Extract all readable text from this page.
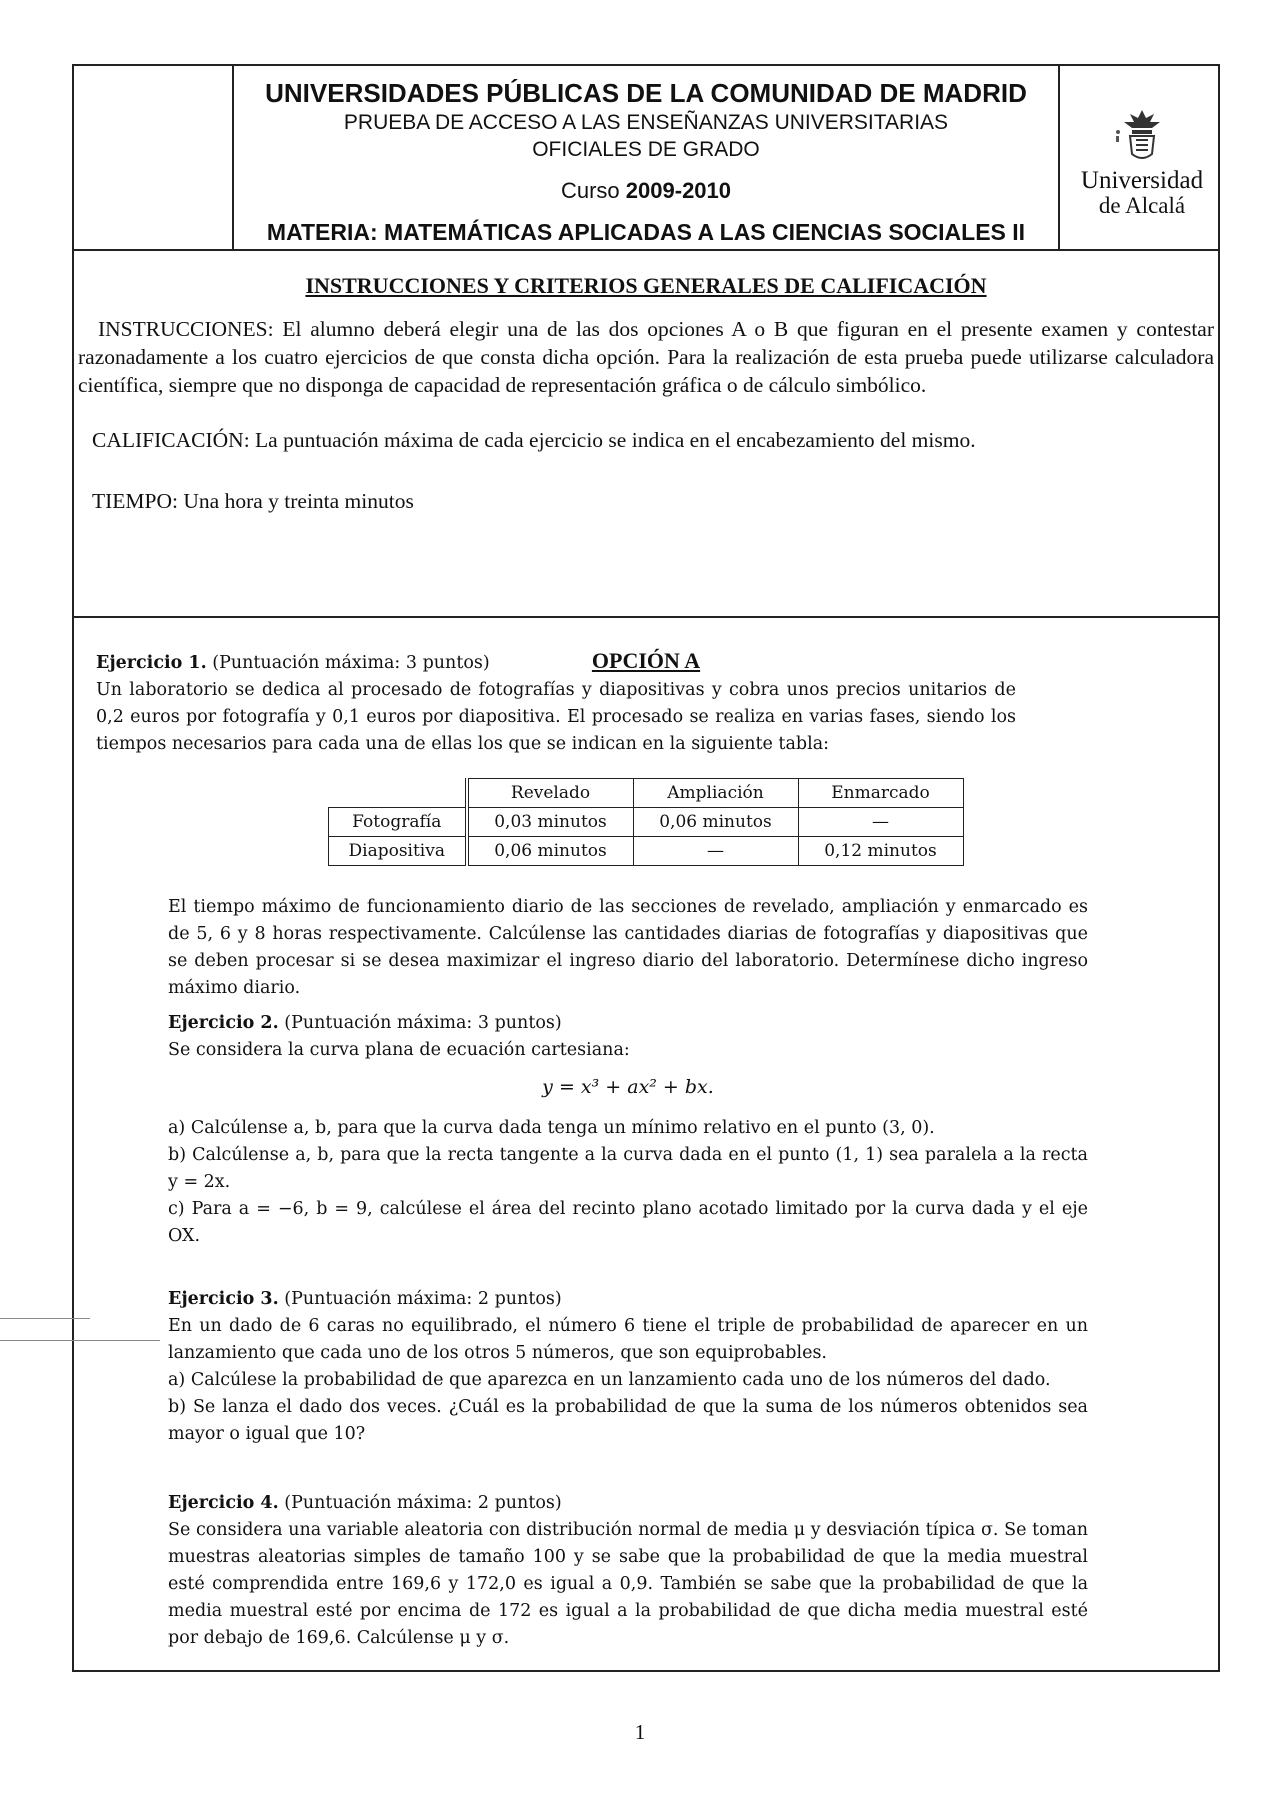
UNIVERSIDADES PÚBLICAS DE LA COMUNIDAD DE MADRID
PRUEBA DE ACCESO A LAS ENSEÑANZAS UNIVERSITARIAS
OFICIALES DE GRADO
Curso 2009-2010
MATERIA: MATEMÁTICAS APLICADAS A LAS CIENCIAS SOCIALES II
Universidad
de Alcalá
INSTRUCCIONES Y CRITERIOS GENERALES DE CALIFICACIÓN
INSTRUCCIONES: El alumno deberá elegir una de las dos opciones A o B que figuran en el presente examen y contestar razonadamente a los cuatro ejercicios de que consta dicha opción. Para la realización de esta prueba puede utilizarse calculadora científica, siempre que no disponga de capacidad de representación gráfica o de cálculo simbólico.
CALIFICACIÓN: La puntuación máxima de cada ejercicio se indica en el encabezamiento del mismo.
TIEMPO: Una hora y treinta minutos
OPCIÓN A
Ejercicio 1. (Puntuación máxima: 3 puntos)
Un laboratorio se dedica al procesado de fotografías y diapositivas y cobra unos precios unitarios de 0,2 euros por fotografía y 0,1 euros por diapositiva. El procesado se realiza en varias fases, siendo los tiempos necesarios para cada una de ellas los que se indican en la siguiente tabla:
	Revelado	Ampliación	Enmarcado
Fotografía	0,03 minutos	0,06 minutos	—
Diapositiva	0,06 minutos	—	0,12 minutos
El tiempo máximo de funcionamiento diario de las secciones de revelado, ampliación y enmarcado es de 5, 6 y 8 horas respectivamente. Calcúlense las cantidades diarias de fotografías y diapositivas que se deben procesar si se desea maximizar el ingreso diario del laboratorio. Determínese dicho ingreso máximo diario.
Ejercicio 2. (Puntuación máxima: 3 puntos)
Se considera la curva plana de ecuación cartesiana:
y = x³ + ax² + bx.
a) Calcúlense a, b, para que la curva dada tenga un mínimo relativo en el punto (3, 0).
b) Calcúlense a, b, para que la recta tangente a la curva dada en el punto (1, 1) sea paralela a la recta y = 2x.
c) Para a = −6, b = 9, calcúlese el área del recinto plano acotado limitado por la curva dada y el eje OX.
Ejercicio 3. (Puntuación máxima: 2 puntos)
En un dado de 6 caras no equilibrado, el número 6 tiene el triple de probabilidad de aparecer en un lanzamiento que cada uno de los otros 5 números, que son equiprobables.
a) Calcúlese la probabilidad de que aparezca en un lanzamiento cada uno de los números del dado.
b) Se lanza el dado dos veces. ¿Cuál es la probabilidad de que la suma de los números obtenidos sea mayor o igual que 10?
Ejercicio 4. (Puntuación máxima: 2 puntos)
Se considera una variable aleatoria con distribución normal de media μ y desviación típica σ. Se toman muestras aleatorias simples de tamaño 100 y se sabe que la probabilidad de que la media muestral esté comprendida entre 169,6 y 172,0 es igual a 0,9. También se sabe que la probabilidad de que la media muestral esté por encima de 172 es igual a la probabilidad de que dicha media muestral esté por debajo de 169,6. Calcúlense μ y σ.
1
